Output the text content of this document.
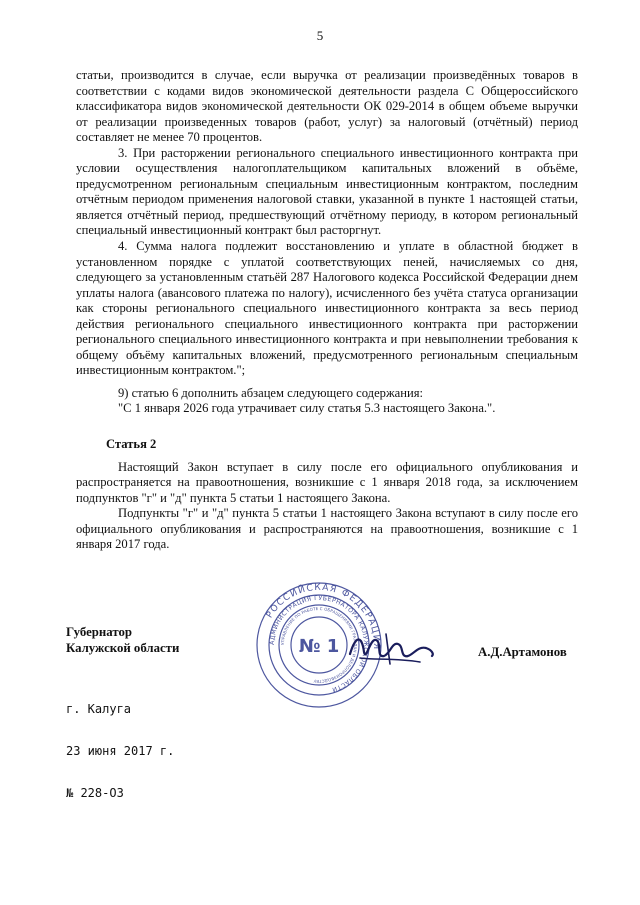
5

статьи, производится в случае, если выручка от реализации произведённых товаров в соответствии с кодами видов экономической деятельности раздела С Общероссийского классификатора видов экономической деятельности ОК 029-2014 в общем объеме выручки от реализации произведенных товаров (работ, услуг) за налоговый (отчётный) период составляет не менее 70 процентов.

3. При расторжении регионального специального инвестиционного контракта при условии осуществления налогоплательщиком капитальных вложений в объёме, предусмотренном региональным специальным инвестиционным контрактом, последним отчётным периодом применения налоговой ставки, указанной в пункте 1 настоящей статьи, является отчётный период, предшествующий отчётному периоду, в котором региональный специальный инвестиционный контракт был расторгнут.

4. Сумма налога подлежит восстановлению и уплате в областной бюджет в установленном порядке с уплатой соответствующих пеней, начисляемых со дня, следующего за установленным статьёй 287 Налогового кодекса Российской Федерации днем уплаты налога (авансового платежа по налогу), исчисленного без учёта статуса организации как стороны регионального специального инвестиционного контракта за весь период действия регионального специального инвестиционного контракта при расторжении регионального специального инвестиционного контракта и при невыполнении требования к общему объёму капитальных вложений, предусмотренного региональным специальным инвестиционным контрактом.";

9) статью 6 дополнить абзацем следующего содержания:

"С 1 января 2026 года утрачивает силу статья 5.3 настоящего Закона.".

Статья 2

Настоящий Закон вступает в силу после его официального опубликования и распространяется на правоотношения, возникшие с 1 января 2018 года, за исключением подпунктов "г" и "д" пункта 5 статьи 1 настоящего Закона.

Подпункты "г" и "д" пункта 5 статьи 1 настоящего Закона вступают в силу после его официального опубликования и распространяются на правоотношения, возникшие с 1 января 2017 года.

Губернатор
Калужской области	А.Д.Артамонов
РОССИЙСКАЯ ФЕДЕРАЦИЯ
АДМИНИСТРАЦИЯ ГУБЕРНАТОРА КАЛУЖСКОЙ ОБЛАСТИ
УПРАВЛЕНИЕ ПО РАБОТЕ С ОБРАЩЕНИЯМИ ГРАЖДАН И ДЕЛОПРОИЗВОДСТВУ
№ 1

г. Калуга

23 июня 2017 г.

№ 228-ОЗ
